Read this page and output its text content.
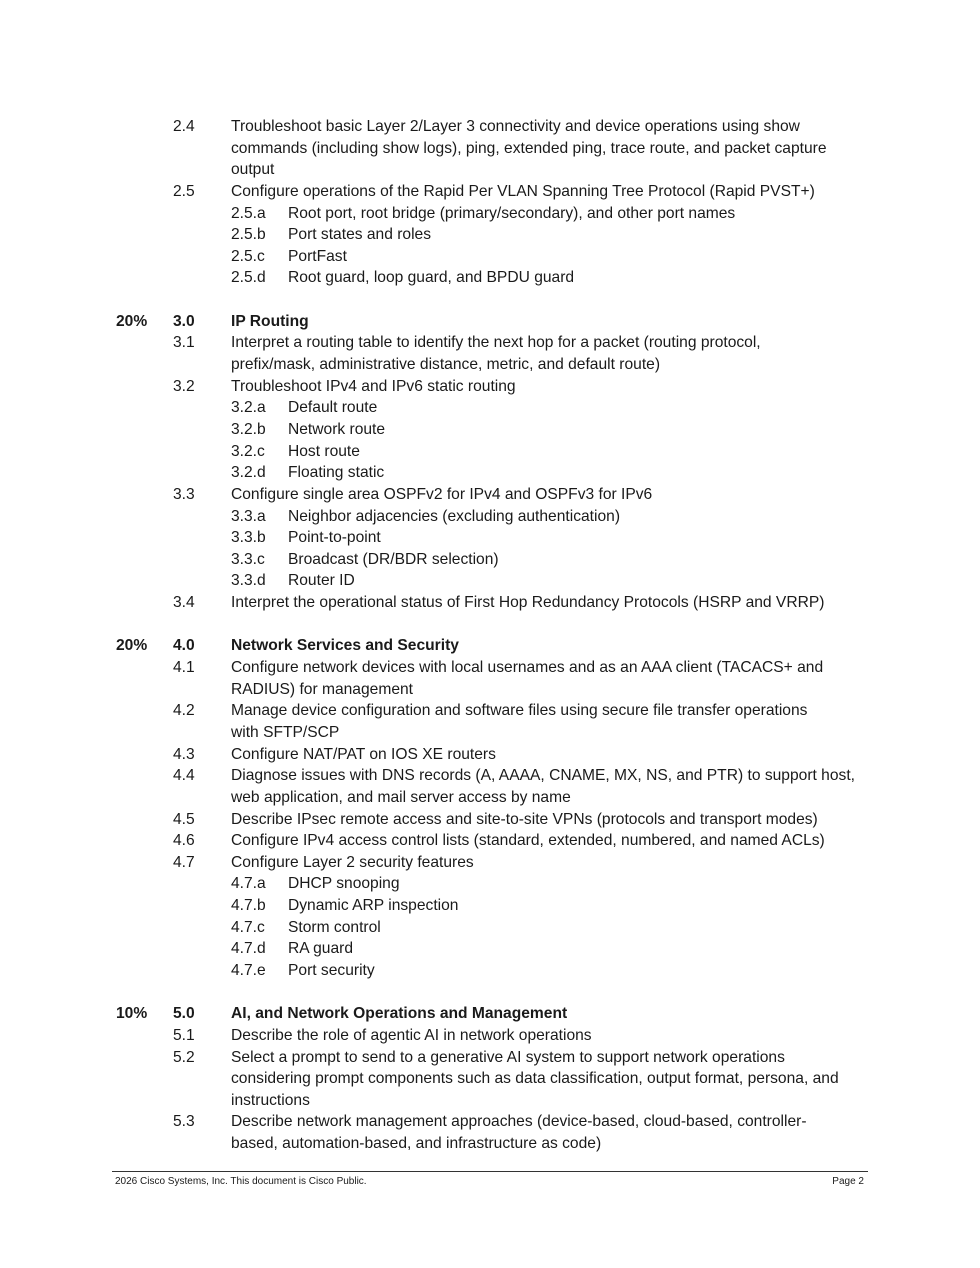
2.4 Troubleshoot basic Layer 2/Layer 3 connectivity and device operations using show
commands (including show logs), ping, extended ping, trace route, and packet capture
output
2.5 Configure operations of the Rapid Per VLAN Spanning Tree Protocol (Rapid PVST+)
2.5.a Root port, root bridge (primary/secondary), and other port names
2.5.b Port states and roles
2.5.c PortFast
2.5.d Root guard, loop guard, and BPDU guard
20% 3.0 IP Routing
3.1 Interpret a routing table to identify the next hop for a packet (routing protocol,
prefix/mask, administrative distance, metric, and default route)
3.2 Troubleshoot IPv4 and IPv6 static routing
3.2.a Default route
3.2.b Network route
3.2.c Host route
3.2.d Floating static
3.3 Configure single area OSPFv2 for IPv4 and OSPFv3 for IPv6
3.3.a Neighbor adjacencies (excluding authentication)
3.3.b Point-to-point
3.3.c Broadcast (DR/BDR selection)
3.3.d Router ID
3.4 Interpret the operational status of First Hop Redundancy Protocols (HSRP and VRRP)
20% 4.0 Network Services and Security
4.1 Configure network devices with local usernames and as an AAA client (TACACS+ and
RADIUS) for management
4.2 Manage device configuration and software files using secure file transfer operations
with SFTP/SCP
4.3 Configure NAT/PAT on IOS XE routers
4.4 Diagnose issues with DNS records (A, AAAA, CNAME, MX, NS, and PTR) to support host,
web application, and mail server access by name
4.5 Describe IPsec remote access and site-to-site VPNs (protocols and transport modes)
4.6 Configure IPv4 access control lists (standard, extended, numbered, and named ACLs)
4.7 Configure Layer 2 security features
4.7.a DHCP snooping
4.7.b Dynamic ARP inspection
4.7.c Storm control
4.7.d RA guard
4.7.e Port security
10% 5.0 AI, and Network Operations and Management
5.1 Describe the role of agentic AI in network operations
5.2 Select a prompt to send to a generative AI system to support network operations
considering prompt components such as data classification, output format, persona, and
instructions
5.3 Describe network management approaches (device-based, cloud-based, controller-
based, automation-based, and infrastructure as code)
2026 Cisco Systems, Inc. This document is Cisco Public.	Page 2
